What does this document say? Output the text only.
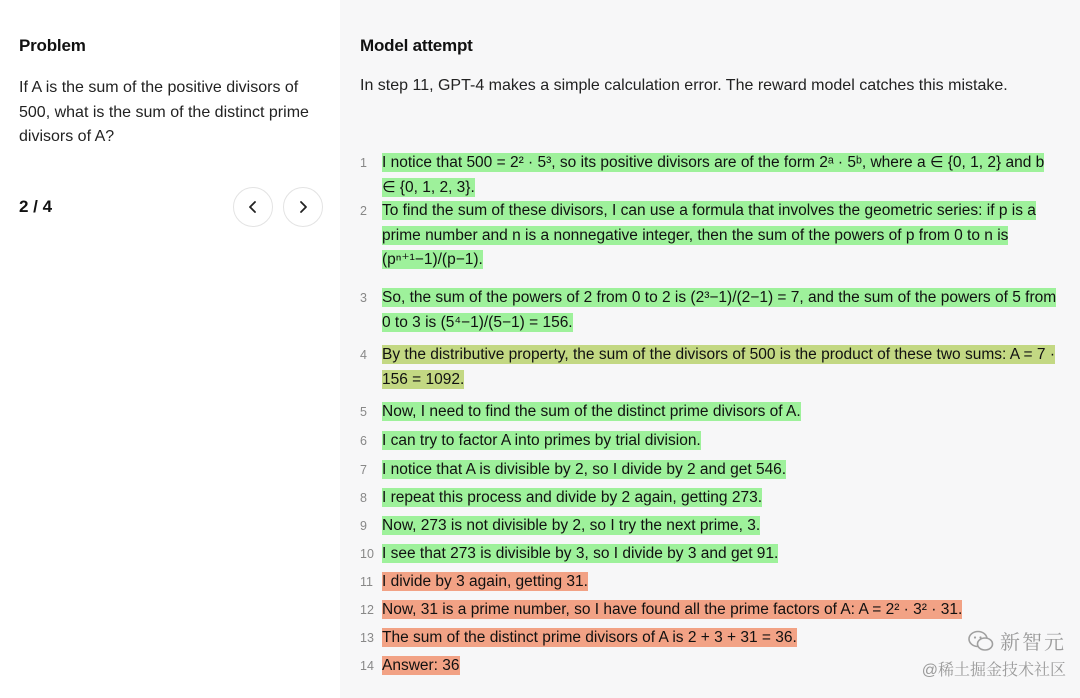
Problem
If A is the sum of the positive divisors of 500, what is the sum of the distinct prime divisors of A?
2 / 4
Model attempt
In step 11, GPT-4 makes a simple calculation error. The reward model catches this mistake.
1 I notice that 500 = 2² · 5³, so its positive divisors are of the form 2ᵃ · 5ᵇ, where a ∈ {0, 1, 2} and b ∈ {0, 1, 2, 3}.
2 To find the sum of these divisors, I can use a formula that involves the geometric series: if p is a prime number and n is a nonnegative integer, then the sum of the powers of p from 0 to n is (pⁿ⁺¹−1)/(p−1).
3 So, the sum of the powers of 2 from 0 to 2 is (2³−1)/(2−1) = 7, and the sum of the powers of 5 from 0 to 3 is (5⁴−1)/(5−1) = 156.
4 By the distributive property, the sum of the divisors of 500 is the product of these two sums: A = 7 · 156 = 1092.
5 Now, I need to find the sum of the distinct prime divisors of A.
6 I can try to factor A into primes by trial division.
7 I notice that A is divisible by 2, so I divide by 2 and get 546.
8 I repeat this process and divide by 2 again, getting 273.
9 Now, 273 is not divisible by 2, so I try the next prime, 3.
10 I see that 273 is divisible by 3, so I divide by 3 and get 91.
11 I divide by 3 again, getting 31.
12 Now, 31 is a prime number, so I have found all the prime factors of A: A = 2² · 3² · 31.
13 The sum of the distinct prime divisors of A is 2 + 3 + 31 = 36.
14 Answer: 36
新智元
@稀土掘金技术社区
